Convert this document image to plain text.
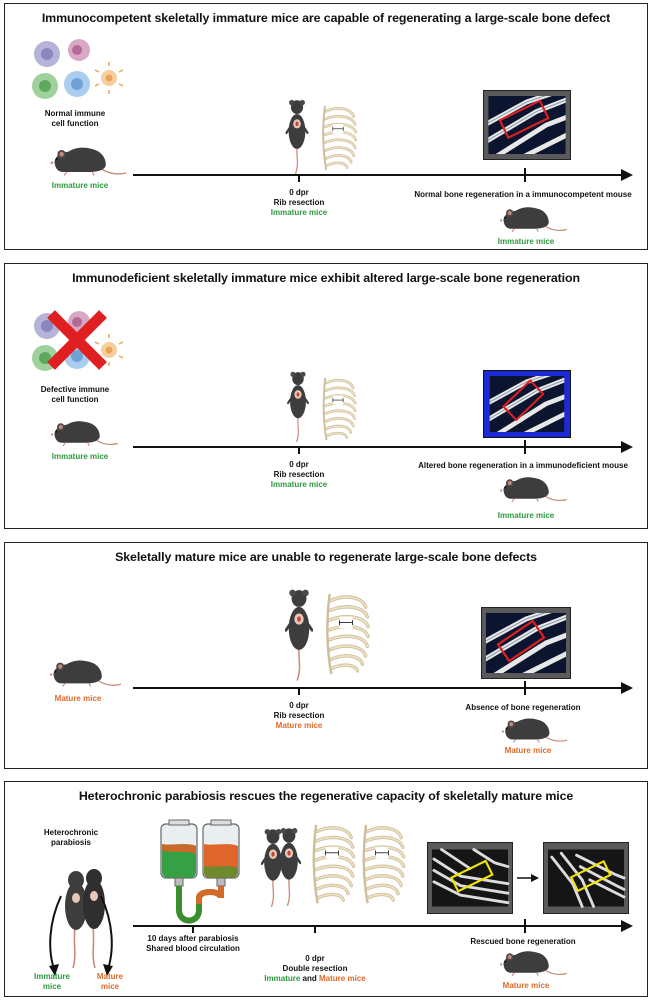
Immunocompetent skeletally immature mice are capable of regenerating a large-scale bone defect
Normal immune
cell function
Immature mice
0 dpr
Rib resection
Immature mice
Normal bone regeneration in a immunocompetent mouse
Immature mice
Immunodeficient skeletally immature mice exhibit altered large-scale bone regeneration
Defective immune
cell function
Immature mice
0 dpr
Rib resection
Immature mice
Altered bone regeneration in a immunodeficient mouse
Immature mice
Skeletally mature mice are unable to regenerate large-scale bone defects
Mature mice
0 dpr
Rib resection
Mature mice
Absence of bone regeneration
Mature mice
Heterochronic parabiosis rescues the regenerative capacity of skeletally mature mice
Heterochronic
parabiosis
Immature
mice
Mature
mice
10 days after parabiosis
Shared blood circulation
0 dpr
Double resection
Immature and Mature mice
Rescued bone regeneration
Mature mice
